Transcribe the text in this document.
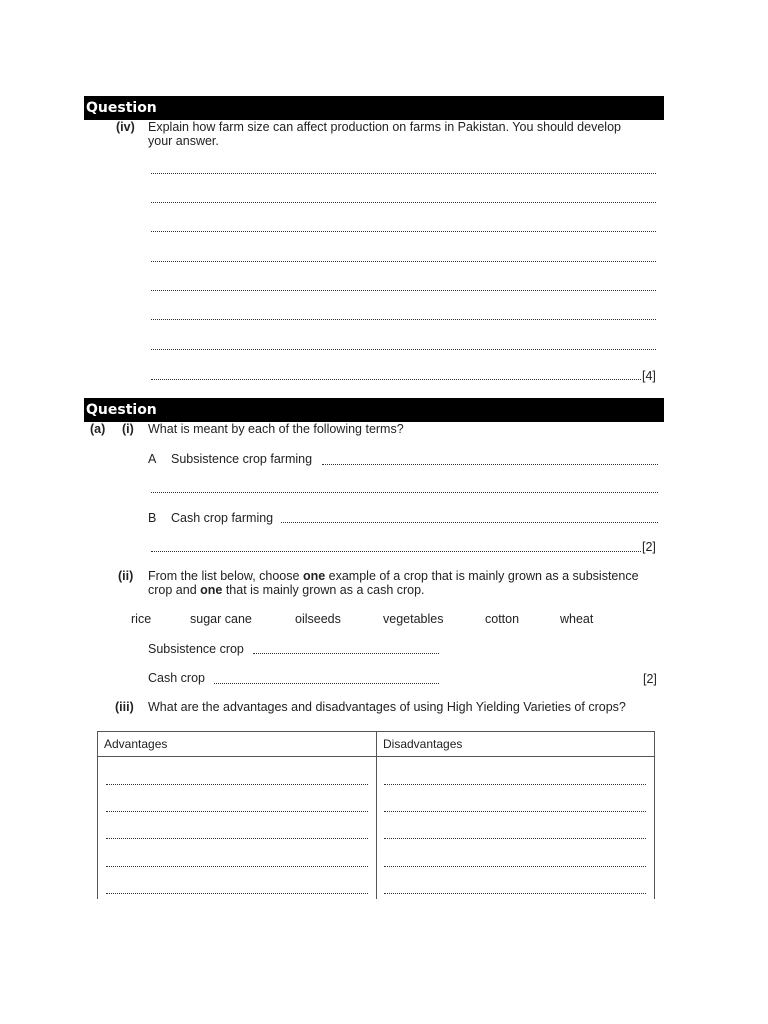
Question
(iv) Explain how farm size can affect production on farms in Pakistan. You should develop
your answer.
[4]
Question
(a) (i) What is meant by each of the following terms?
A Subsistence crop farming
B Cash crop farming
[2]
(ii) From the list below, choose one example of a crop that is mainly grown as a subsistence
crop and one that is mainly grown as a cash crop.
rice	sugar cane	oilseeds	vegetables	cotton	wheat
Subsistence crop
Cash crop	[2]
(iii) What are the advantages and disadvantages of using High Yielding Varieties of crops?
Advantages	Disadvantages
